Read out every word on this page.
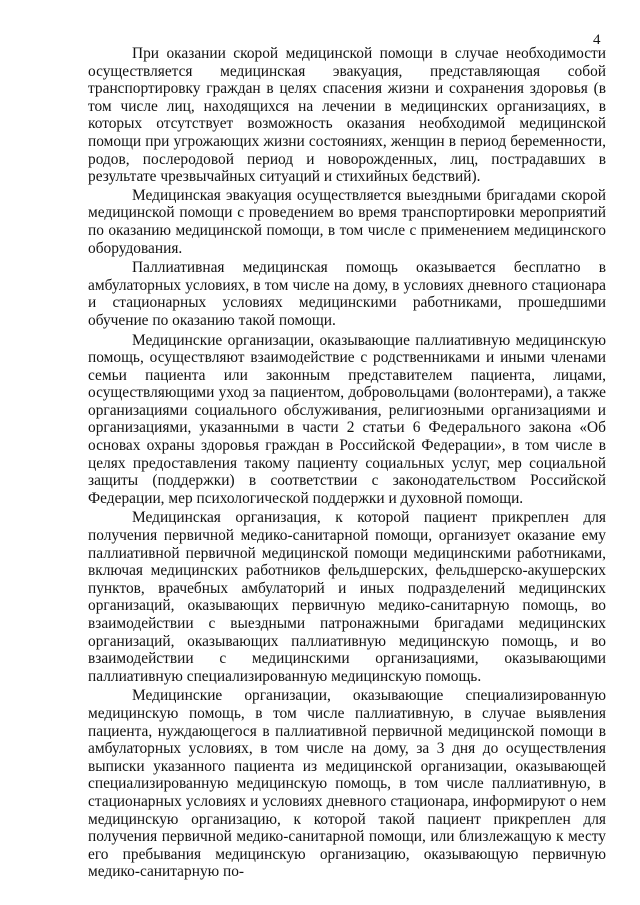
4

При оказании скорой медицинской помощи в случае необходимости осуществляется медицинская эвакуация, представляющая собой транспортировку граждан в целях спасения жизни и сохранения здоровья (в том числе лиц, находящихся на лечении в медицинских организациях, в которых отсутствует возможность оказания необходимой медицинской помощи при угрожающих жизни состояниях, женщин в период беременности, родов, послеродовой период и новорожденных, лиц, пострадавших в результате чрезвычайных ситуаций и стихийных бедствий).

Медицинская эвакуация осуществляется выездными бригадами скорой медицинской помощи с проведением во время транспортировки мероприятий по оказанию медицинской помощи, в том числе с применением медицинского оборудования.

Паллиативная медицинская помощь оказывается бесплатно в амбулаторных условиях, в том числе на дому, в условиях дневного стационара и стационарных условиях медицинскими работниками, прошедшими обучение по оказанию такой помощи.

Медицинские организации, оказывающие паллиативную медицинскую помощь, осуществляют взаимодействие с родственниками и иными членами семьи пациента или законным представителем пациента, лицами, осуществляющими уход за пациентом, добровольцами (волонтерами), а также организациями социального обслуживания, религиозными организациями и организациями, указанными в части 2 статьи 6 Федерального закона «Об основах охраны здоровья граждан в Российской Федерации», в том числе в целях предоставления такому пациенту социальных услуг, мер социальной защиты (поддержки) в соответствии с законодательством Российской Федерации, мер психологической поддержки и духовной помощи.

Медицинская организация, к которой пациент прикреплен для получения первичной медико-санитарной помощи, организует оказание ему паллиативной первичной медицинской помощи медицинскими работниками, включая медицинских работников фельдшерских, фельдшерско-акушерских пунктов, врачебных амбулаторий и иных подразделений медицинских организаций, оказывающих первичную медико-санитарную помощь, во взаимодействии с выездными патронажными бригадами медицинских организаций, оказывающих паллиативную медицинскую помощь, и во взаимодействии с медицинскими организациями, оказывающими паллиативную специализированную медицинскую помощь.

Медицинские организации, оказывающие специализированную медицинскую помощь, в том числе паллиативную, в случае выявления пациента, нуждающегося в паллиативной первичной медицинской помощи в амбулаторных условиях, в том числе на дому, за 3 дня до осуществления выписки указанного пациента из медицинской организации, оказывающей специализированную медицинскую помощь, в том числе паллиативную, в стационарных условиях и условиях дневного стационара, информируют о нем медицинскую организацию, к которой такой пациент прикреплен для получения первичной медико-санитарной помощи, или близлежащую к месту его пребывания медицинскую организацию, оказывающую первичную медико-санитарную по-
